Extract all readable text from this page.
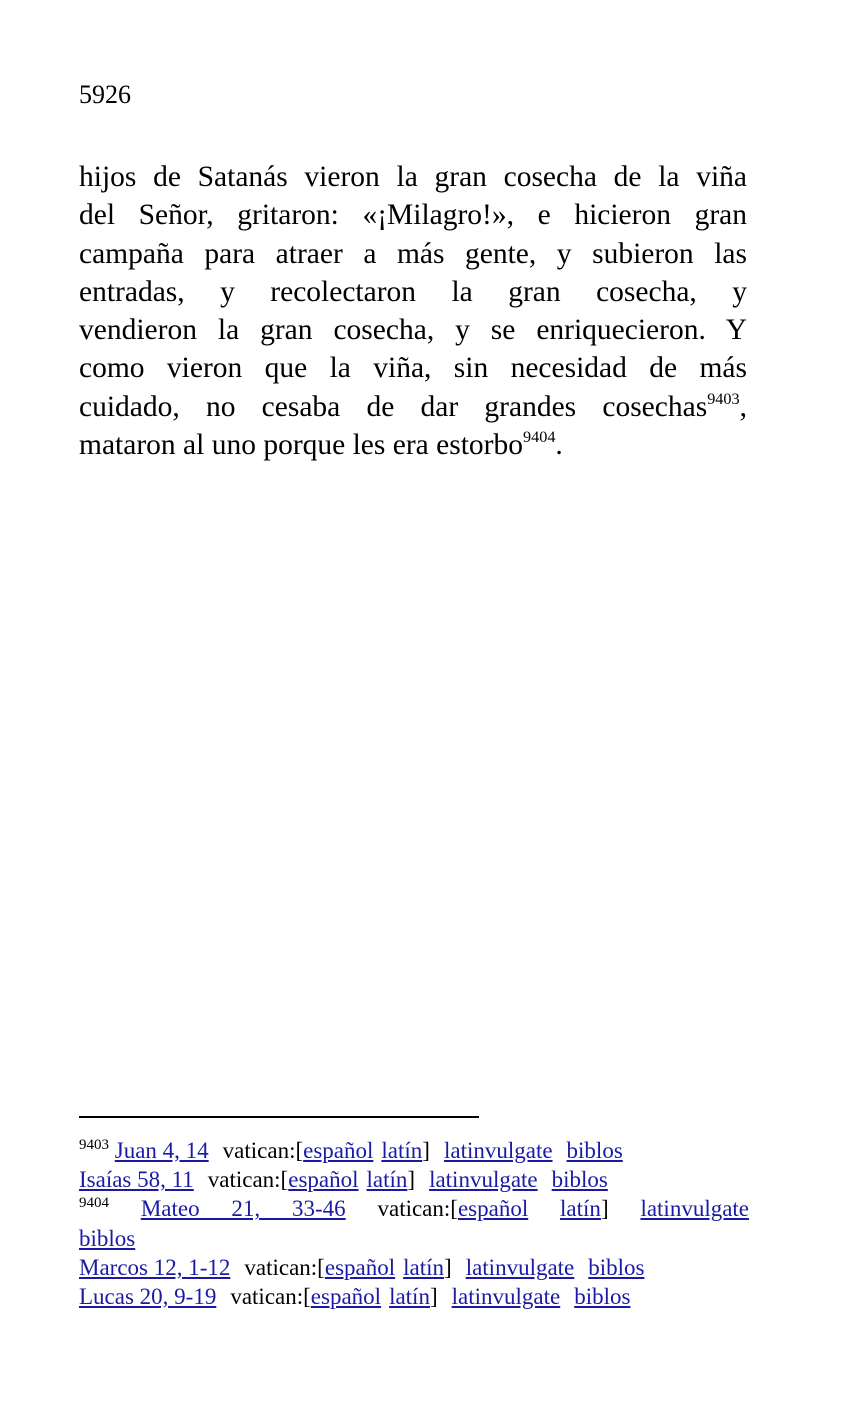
5926
hijos de Satanás vieron la gran cosecha de la viña
del Señor, gritaron: «¡Milagro!», e hicieron gran
campaña para atraer a más gente, y subieron las
entradas, y recolectaron la gran cosecha, y
vendieron la gran cosecha, y se enriquecieron. Y
como vieron que la viña, sin necesidad de más
cuidado, no cesaba de dar grandes cosechas$^{9403}$,
mataron al uno porque les era estorbo$^{9404}$.
$^{9403}$ Juan 4, 14 vatican:[español latín] latinvulgate biblos
Isaías 58, 11 vatican:[español latín] latinvulgate biblos
$^{9404}$ Mateo 21, 33-46 vatican:[español latín] latinvulgate
biblos
Marcos 12, 1-12 vatican:[español latín] latinvulgate biblos
Lucas 20, 9-19 vatican:[español latín] latinvulgate biblos
